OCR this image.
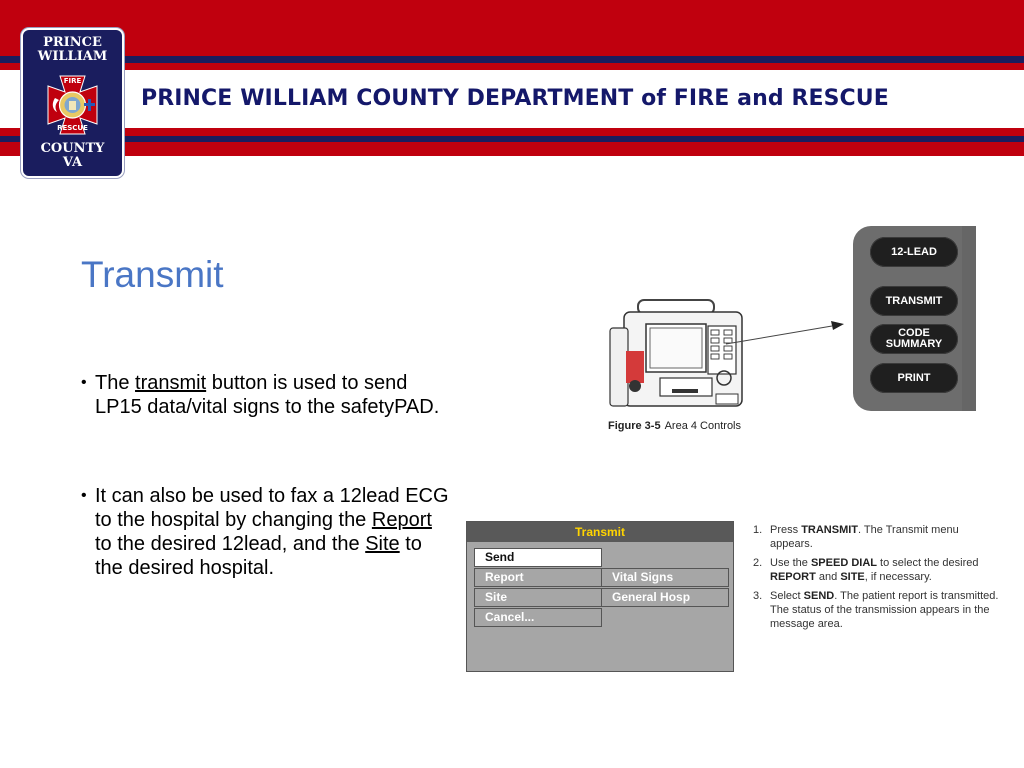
PRINCE WILLIAM COUNTY DEPARTMENT of FIRE and RESCUE
PRINCE
WILLIAM
FIRE
RESCUE
COUNTY
VA
Transmit
• The transmit button is used to send LP15 data/vital signs to the safetyPAD.
• It can also be used to fax a 12lead ECG to the hospital by changing the Report to the desired 12lead, and the Site to the desired hospital.
12-LEAD
TRANSMIT
CODE SUMMARY
PRINT
Figure 3-5 Area 4 Controls
Transmit
Send
Report
Site
Cancel...
Vital Signs
General Hosp
1. Press TRANSMIT. The Transmit menu appears.
2. Use the SPEED DIAL to select the desired REPORT and SITE, if necessary.
3. Select SEND. The patient report is transmitted. The status of the transmission appears in the message area.
